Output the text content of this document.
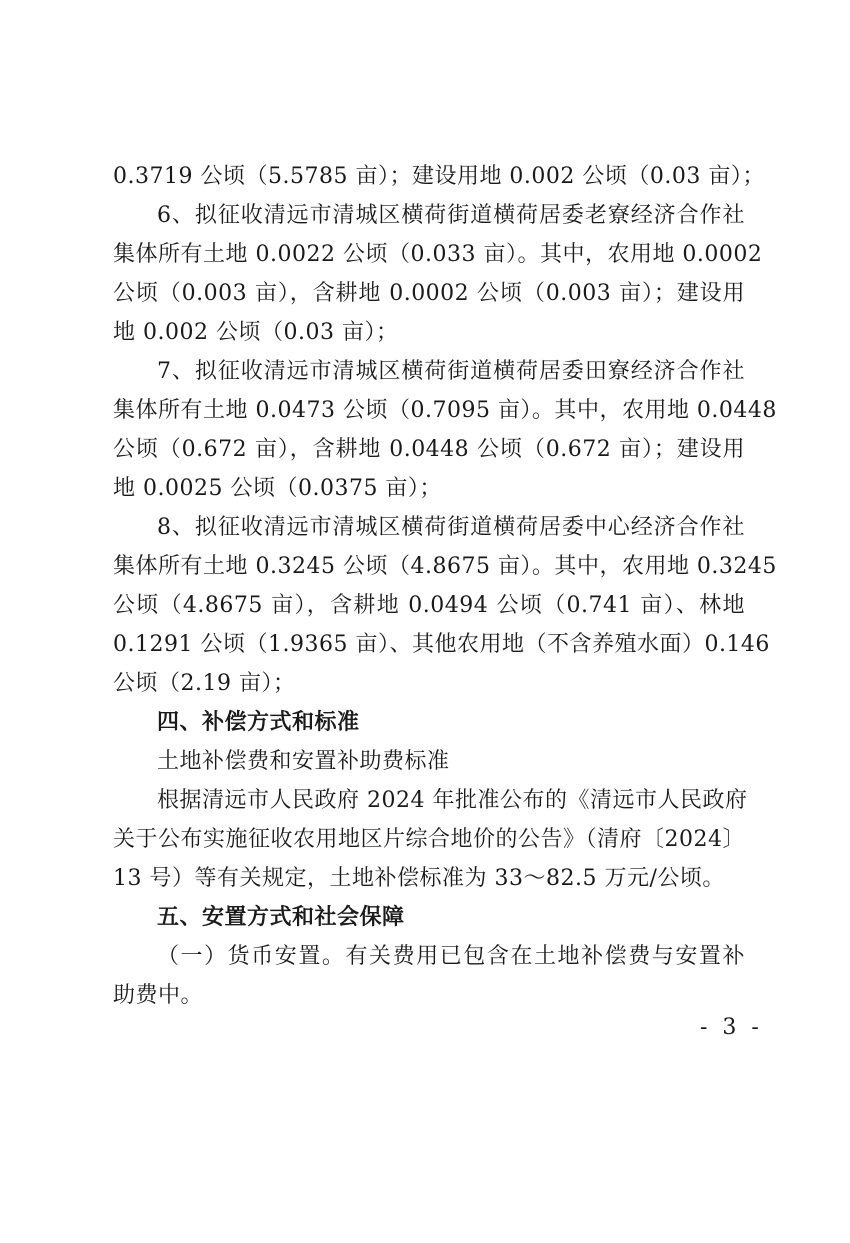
0.3719 公顷（5.5785 亩）；建设用地 0.002 公顷（0.03 亩）；
6、拟征收清远市清城区横荷街道横荷居委老寮经济合作社
集体所有土地 0.0022 公顷（0.033 亩）。其中，农用地 0.0002
公顷（0.003 亩），含耕地 0.0002 公顷（0.003 亩）；建设用
地 0.002 公顷（0.03 亩）；
7、拟征收清远市清城区横荷街道横荷居委田寮经济合作社
集体所有土地 0.0473 公顷（0.7095 亩）。其中，农用地 0.0448
公顷（0.672 亩），含耕地 0.0448 公顷（0.672 亩）；建设用
地 0.0025 公顷（0.0375 亩）；
8、拟征收清远市清城区横荷街道横荷居委中心经济合作社
集体所有土地 0.3245 公顷（4.8675 亩）。其中，农用地 0.3245
公顷（4.8675 亩），含耕地 0.0494 公顷（0.741 亩）、林地
0.1291 公顷（1.9365 亩）、其他农用地（不含养殖水面）0.146
公顷（2.19 亩）；
四、补偿方式和标准
土地补偿费和安置补助费标准
根据清远市人民政府 2024 年批准公布的《清远市人民政府
关于公布实施征收农用地区片综合地价的公告》（清府〔2024〕
13 号）等有关规定，土地补偿标准为 33～82.5 万元/公顷。
五、安置方式和社会保障
（一）货币安置。有关费用已包含在土地补偿费与安置补
助费中。
- 3 -
